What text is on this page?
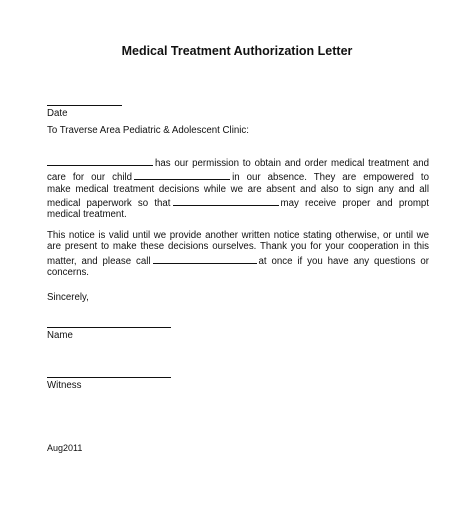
Medical Treatment Authorization Letter
Date
To Traverse Area Pediatric & Adolescent Clinic:
has our permission to obtain and order medical treatment and
care for our child	in our absence. They are empowered to
make medical treatment decisions while we are absent and also to sign any and all
medical paperwork so that	may receive proper and prompt
medical treatment.
This notice is valid until we provide another written notice stating otherwise, or until we
are present to make these decisions ourselves. Thank you for your cooperation in this
matter, and please call	at once if you have any questions or
concerns.
Sincerely,
Name
Witness
Aug2011
